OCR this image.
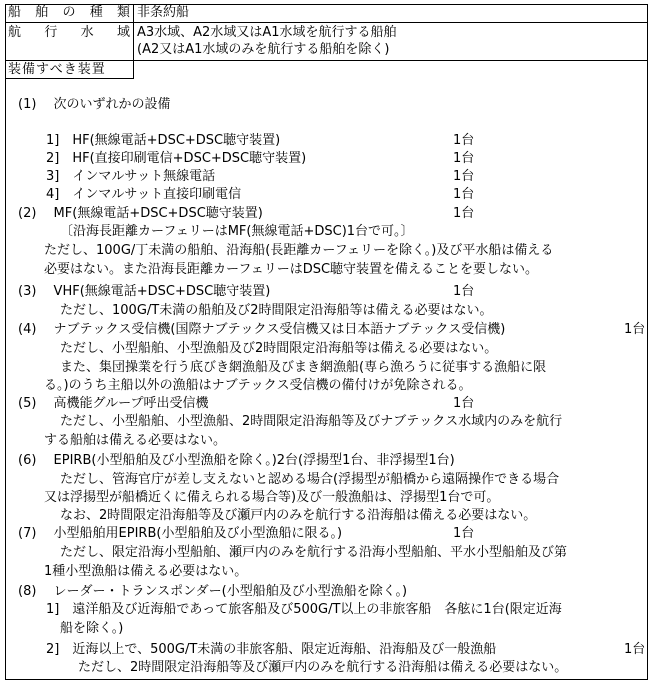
船 舶 の 種 類 非条約船
航 行 水 域 A3水域、A2水域又はA1水域を航行する船舶
(A2又はA1水域のみを航行する船舶を除く)
装備すべき装置
(1)　 次のいずれかの設備
1]　HF(無線電話+DSC+DSC聴守装置)	1台
2]　HF(直接印刷電信+DSC+DSC聴守装置)	1台
3]　インマルサット無線電話	1台
4]　インマルサット直接印刷電信	1台
(2)　 MF(無線電話+DSC+DSC聴守装置)	1台
〔沿海長距離カーフェリーはMF(無線電話+DSC)1台で可。〕
ただし、100G/丁未満の船舶、沿海船(長距離カーフェリーを除く。)及び平水船は備える
必要はない。また沿海長距離カーフェリーはDSC聴守装置を備えることを要しない。
(3)　 VHF(無線電話+DSC+DSC聴守装置)	1台
ただし、100G/T未満の船舶及び2時間限定沿海船等は備える必要はない。
(4)　 ナブテックス受信機(国際ナブテックス受信機又は日本語ナブテックス受信機)	1台
ただし、小型船舶、小型漁船及び2時間限定沿海船等は備える必要はない。
また、集団操業を行う底びき網漁船及びまき網漁船(専ら漁ろうに従事する漁船に限
る。)のうち主船以外の漁船はナブテックス受信機の備付けが免除される。
(5)　 高機能グループ呼出受信機	1台
ただし、小型船舶、小型漁船、2時間限定沿海船等及びナブテックス水域内のみを航行
する船舶は備える必要はない。
(6)　 EPIRB(小型船舶及び小型漁船を除く。)2台(浮揚型1台、非浮揚型1台)
ただし、管海官庁が差し支えないと認める場合(浮揚型が船橋から遠隔操作できる場合
又は浮揚型が船橋近くに備えられる場合等)及び一般漁船は、浮揚型1台で可。
なお、2時間限定沿海船等及び瀬戸内のみを航行する沿海船は備える必要はない。
(7)　 小型船舶用EPIRB(小型船舶及び小型漁船に限る。)	1台
ただし、限定沿海小型船舶、瀬戸内のみを航行する沿海小型船舶、平水小型船舶及び第
1種小型漁船は備える必要はない。
(8)　 レーダー・トランスポンダー(小型船舶及び小型漁船を除く。)
1]　遠洋船及び近海船であって旅客船及び500G/T以上の非旅客船　各舷に1台(限定近海
船を除く。)
2]　近海以上で、500G/T未満の非旅客船、限定近海船、沿海船及び一般漁船	1台
ただし、2時間限定沿海船等及び瀬戸内のみを航行する沿海船は備える必要はない。
